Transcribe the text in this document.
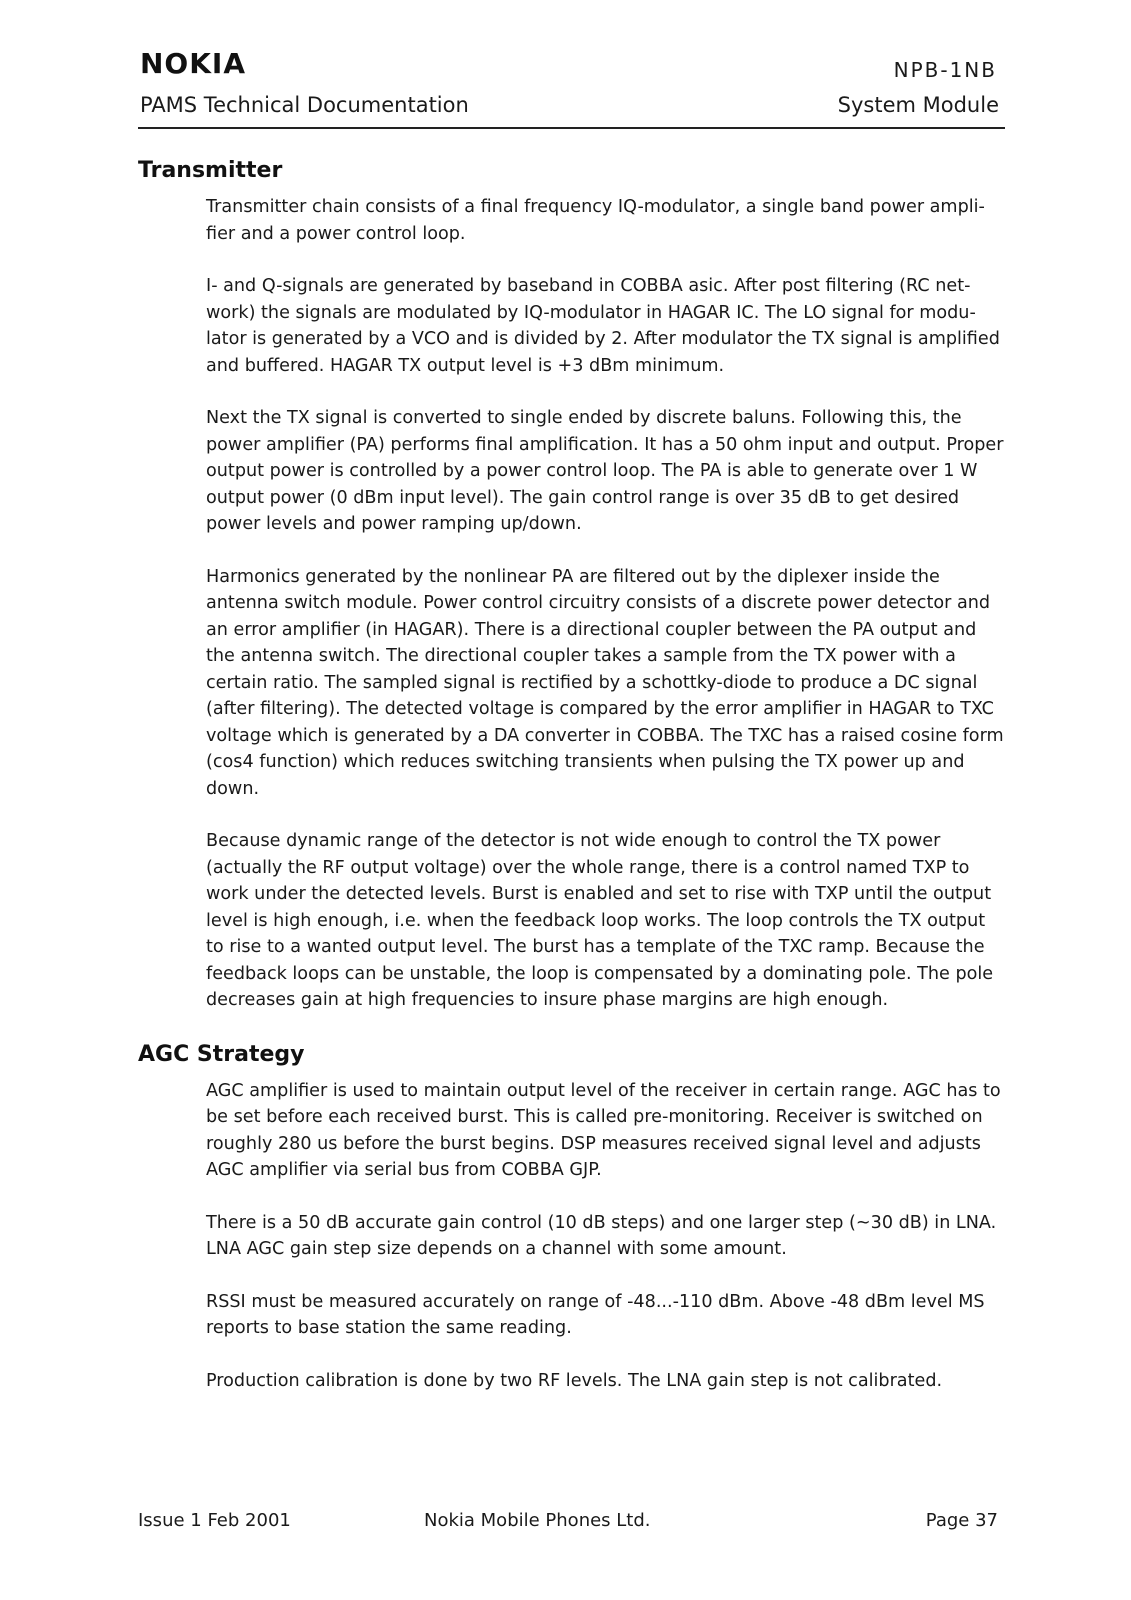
NOKIA	NPB-1NB
PAMS Technical Documentation	System Module
Transmitter

Transmitter chain consists of a final frequency IQ-modulator, a single band power ampli- fier and a power control loop.

I- and Q-signals are generated by baseband in COBBA asic. After post filtering (RC net- work) the signals are modulated by IQ-modulator in HAGAR IC. The LO signal for modu- lator is generated by a VCO and is divided by 2. After modulator the TX signal is amplified and buffered. HAGAR TX output level is +3 dBm minimum.

Next the TX signal is converted to single ended by discrete baluns. Following this, the power amplifier (PA) performs final amplification. It has a 50 ohm input and output. Proper output power is controlled by a power control loop. The PA is able to generate over 1 W output power (0 dBm input level). The gain control range is over 35 dB to get desired power levels and power ramping up/down.

Harmonics generated by the nonlinear PA are filtered out by the diplexer inside the antenna switch module. Power control circuitry consists of a discrete power detector and an error amplifier (in HAGAR). There is a directional coupler between the PA output and the antenna switch. The directional coupler takes a sample from the TX power with a certain ratio. The sampled signal is rectified by a schottky-diode to produce a DC signal (after filtering). The detected voltage is compared by the error amplifier in HAGAR to TXC voltage which is generated by a DA converter in COBBA. The TXC has a raised cosine form (cos4 function) which reduces switching transients when pulsing the TX power up and down.

Because dynamic range of the detector is not wide enough to control the TX power (actually the RF output voltage) over the whole range, there is a control named TXP to work under the detected levels. Burst is enabled and set to rise with TXP until the output level is high enough, i.e. when the feedback loop works. The loop controls the TX output to rise to a wanted output level. The burst has a template of the TXC ramp. Because the feedback loops can be unstable, the loop is compensated by a dominating pole. The pole decreases gain at high frequencies to insure phase margins are high enough.

AGC Strategy

AGC amplifier is used to maintain output level of the receiver in certain range. AGC has to be set before each received burst. This is called pre-monitoring. Receiver is switched on roughly 280 us before the burst begins. DSP measures received signal level and adjusts AGC amplifier via serial bus from COBBA GJP.

There is a 50 dB accurate gain control (10 dB steps) and one larger step (~30 dB) in LNA. LNA AGC gain step size depends on a channel with some amount.

RSSI must be measured accurately on range of -48...-110 dBm. Above -48 dBm level MS reports to base station the same reading.

Production calibration is done by two RF levels. The LNA gain step is not calibrated.

Issue 1 Feb 2001	Nokia Mobile Phones Ltd.	Page 37
